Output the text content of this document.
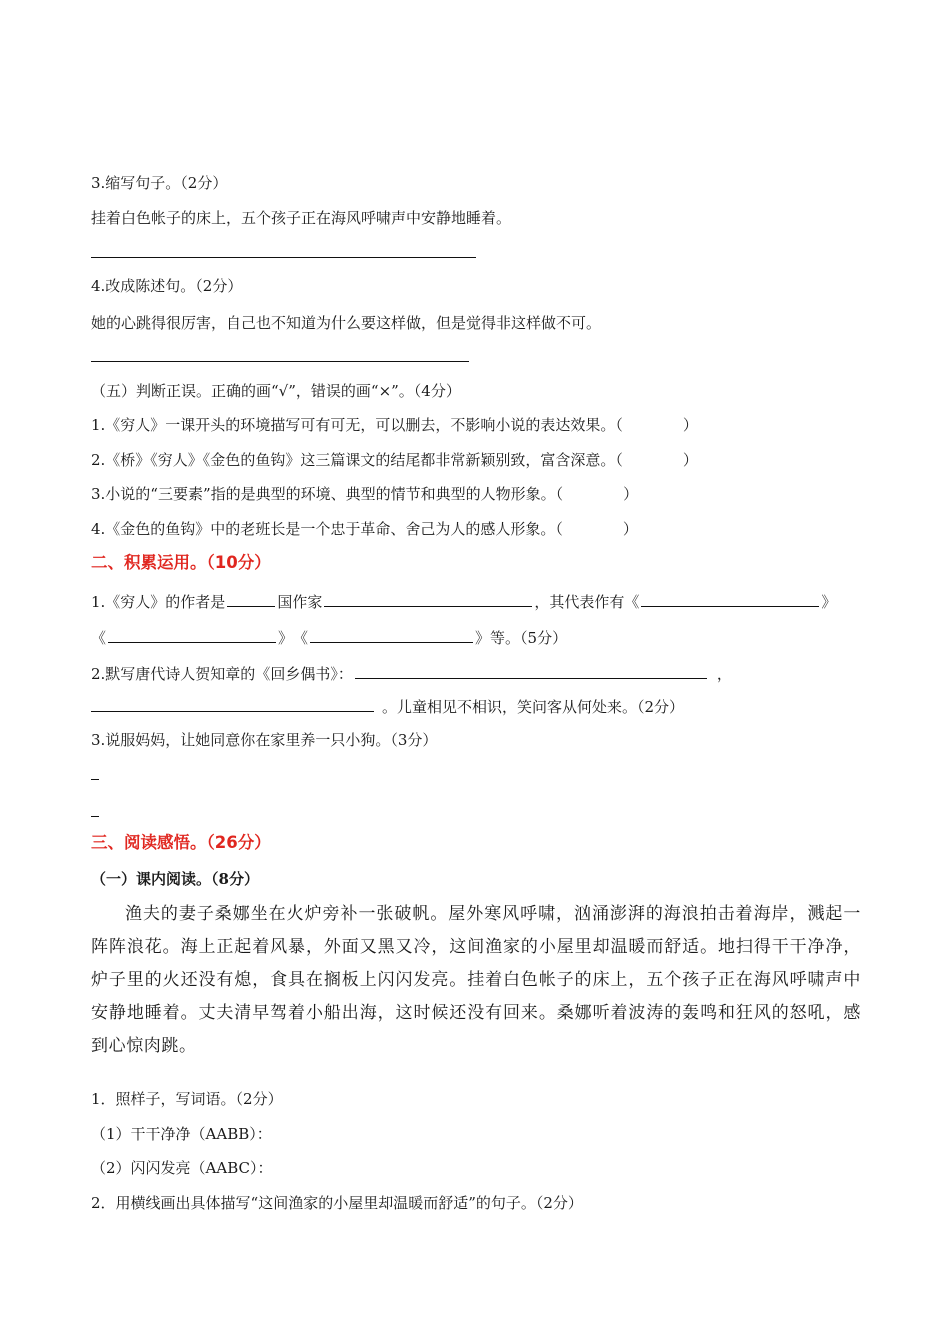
3.缩写句子。（2分）
挂着白色帐子的床上，五个孩子正在海风呼啸声中安静地睡着。
4.改成陈述句。（2分）
她的心跳得很厉害，自己也不知道为什么要这样做，但是觉得非这样做不可。
（五）判断正误。正确的画“√”，错误的画“×”。（4分）
1.《穷人》一课开头的环境描写可有可无，可以删去，不影响小说的表达效果。（　　　　）
2.《桥》《穷人》《金色的鱼钩》这三篇课文的结尾都非常新颖别致，富含深意。（　　　　）
3.小说的“三要素”指的是典型的环境、典型的情节和典型的人物形象。（　　　　）
4.《金色的鱼钩》中的老班长是一个忠于革命、舍己为人的感人形象。（　　　　）
二、积累运用。（10分）
1.《穷人》的作者是	国作家	，其代表作有《	》
《	》　《	》等。（5分）
2.默写唐代诗人贺知章的《回乡偶书》：	，
。儿童相见不相识，笑问客从何处来。（2分）
3.说服妈妈，让她同意你在家里养一只小狗。（3分）
三、阅读感悟。（26分）
（一）课内阅读。（8分）
渔夫的妻子桑娜坐在火炉旁补一张破帆。屋外寒风呼啸，汹涌澎湃的海浪拍击着海岸，溅起一阵阵浪花。海上正起着风暴，外面又黑又冷，这间渔家的小屋里却温暖而舒适。地扫得干干净净，炉子里的火还没有熄，食具在搁板上闪闪发亮。挂着白色帐子的床上，五个孩子正在海风呼啸声中安静地睡着。丈夫清早驾着小船出海，这时候还没有回来。桑娜听着波涛的轰鸣和狂风的怒吼，感到心惊肉跳。
1．照样子，写词语。（2分）
（1）干干净净（AABB）：
（2）闪闪发亮（AABC）：
2．用横线画出具体描写“这间渔家的小屋里却温暖而舒适”的句子。（2分）
